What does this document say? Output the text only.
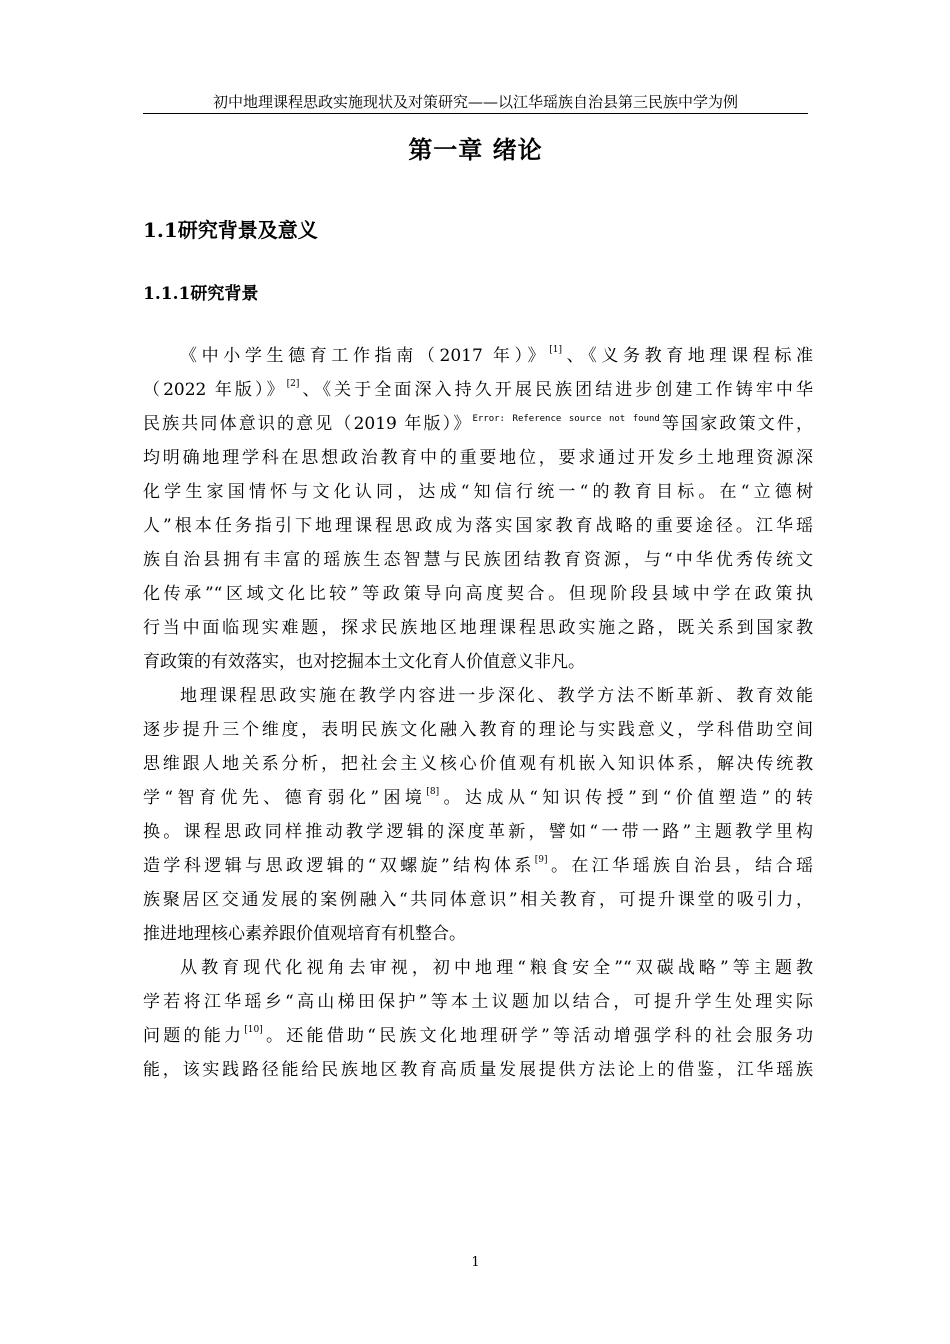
初中地理课程思政实施现状及对策研究——以江华瑶族自治县第三民族中学为例
第一章 绪论
1.1研究背景及意义
1.1.1研究背景
《中小学生德育工作指南（2017 年）》[1]、《义务教育地理课程标准
（2022 年版）》[2]、《关于全面深入持久开展民族团结进步创建工作铸牢中华
民族共同体意识的意见（2019 年版）》$^{Error: Reference source not found}$等国家政策文件，
均明确地理学科在思想政治教育中的重要地位，要求通过开发乡土地理资源深
化学生家国情怀与文化认同，达成“知信行统一“的教育目标。在“立德树
人”根本任务指引下地理课程思政成为落实国家教育战略的重要途径。江华瑶
族自治县拥有丰富的瑶族生态智慧与民族团结教育资源，与“中华优秀传统文
化传承”“区域文化比较”等政策导向高度契合。但现阶段县域中学在政策执
行当中面临现实难题，探求民族地区地理课程思政实施之路，既关系到国家教
育政策的有效落实，也对挖掘本土文化育人价值意义非凡。
地理课程思政实施在教学内容进一步深化、教学方法不断革新、教育效能
逐步提升三个维度，表明民族文化融入教育的理论与实践意义，学科借助空间
思维跟人地关系分析，把社会主义核心价值观有机嵌入知识体系，解决传统教
学“智育优先、德育弱化”困境[8]。达成从“知识传授”到“价值塑造”的转
换。课程思政同样推动教学逻辑的深度革新，譬如“一带一路”主题教学里构
造学科逻辑与思政逻辑的“双螺旋”结构体系[9]。在江华瑶族自治县，结合瑶
族聚居区交通发展的案例融入“共同体意识”相关教育，可提升课堂的吸引力，
推进地理核心素养跟价值观培育有机整合。
从教育现代化视角去审视，初中地理“粮食安全”“双碳战略”等主题教
学若将江华瑶乡“高山梯田保护”等本土议题加以结合，可提升学生处理实际
问题的能力[10]。还能借助“民族文化地理研学”等活动增强学科的社会服务功
能，该实践路径能给民族地区教育高质量发展提供方法论上的借鉴，江华瑶族
1
